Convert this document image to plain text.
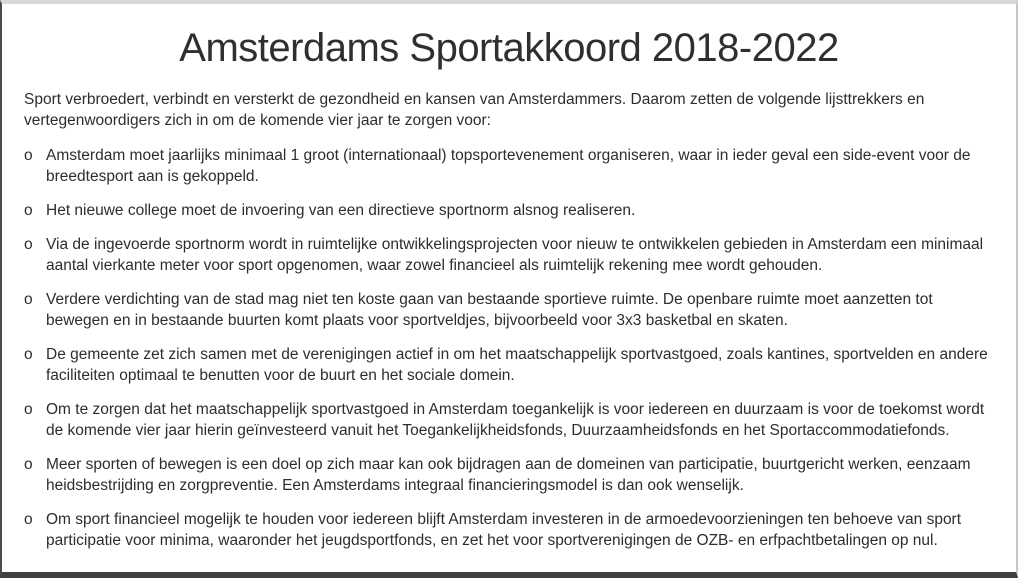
Amsterdams Sportakkoord 2018-2022

Sport verbroedert, verbindt en versterkt de gezondheid en kansen van Amsterdammers. Daarom zetten de volgende lijsttrekkers en vertegenwoordigers zich in om de komende vier jaar te zorgen voor:

o Amsterdam moet jaarlijks minimaal 1 groot (internationaal) topsportevenement organiseren, waar in ieder geval een side-event voor de breedtesport aan is gekoppeld.
o Het nieuwe college moet de invoering van een directieve sportnorm alsnog realiseren.
o Via de ingevoerde sportnorm wordt in ruimtelijke ontwikkelingsprojecten voor nieuw te ontwikkelen gebieden in Amsterdam een minimaal aantal vierkante meter voor sport opgenomen, waar zowel financieel als ruimtelijk rekening mee wordt gehouden.
o Verdere verdichting van de stad mag niet ten koste gaan van bestaande sportieve ruimte. De openbare ruimte moet aanzetten tot bewegen en in bestaande buurten komt plaats voor sportveldjes, bijvoorbeeld voor 3x3 basketbal en skaten.
o De gemeente zet zich samen met de verenigingen actief in om het maatschappelijk sportvastgoed, zoals kantines, sportvelden en andere faciliteiten optimaal te benutten voor de buurt en het sociale domein.
o Om te zorgen dat het maatschappelijk sportvastgoed in Amsterdam toegankelijk is voor iedereen en duurzaam is voor de toekomst wordt de komende vier jaar hierin geïnvesteerd vanuit het Toegankelijkheidsfonds, Duurzaamheidsfonds en het Sportaccommodatiefonds.
o Meer sporten of bewegen is een doel op zich maar kan ook bijdragen aan de domeinen van participatie, buurtgericht werken, eenzaam heidsbestrijding en zorgpreventie. Een Amsterdams integraal financieringsmodel is dan ook wenselijk.
o Om sport financieel mogelijk te houden voor iedereen blijft Amsterdam investeren in de armoedevoorzieningen ten behoeve van sport participatie voor minima, waaronder het jeugdsportfonds, en zet het voor sportverenigingen de OZB- en erfpachtbetalingen op nul.
